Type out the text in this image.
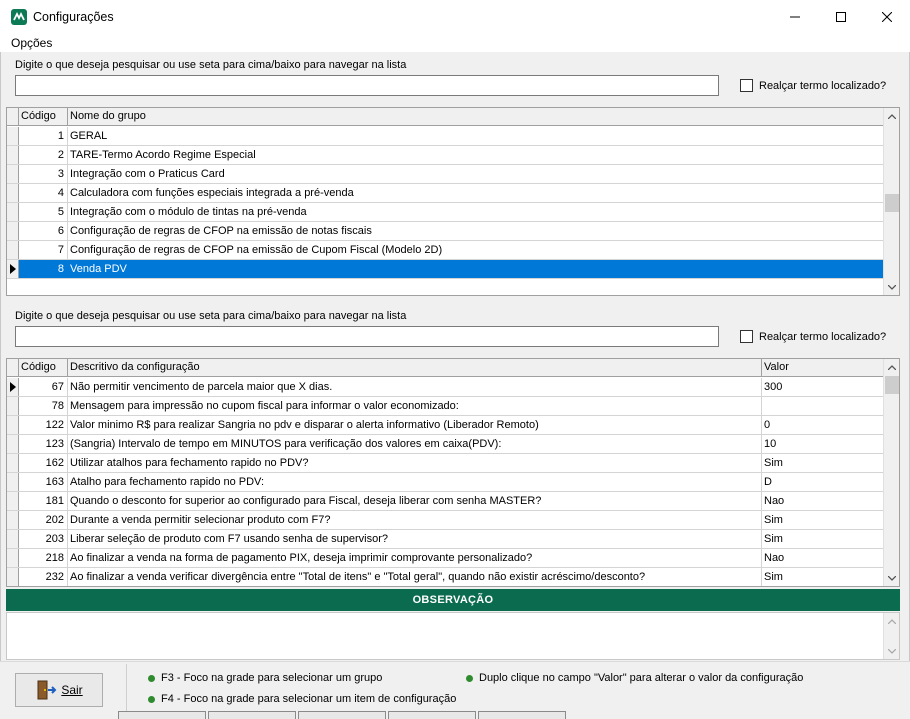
Configurações
Opções
Digite o que deseja pesquisar ou use seta para cima/baixo para navegar na lista
Realçar termo localizado?
Código	Nome do grupo
1 GERAL
2 TARE-Termo Acordo Regime Especial
3 Integração com o Praticus Card
4 Calculadora com funções especiais integrada a pré-venda
5 Integração com o módulo de tintas na pré-venda
6 Configuração de regras de CFOP na emissão de notas fiscais
7 Configuração de regras de CFOP na emissão de Cupom Fiscal (Modelo 2D)
8 Venda PDV
Digite o que deseja pesquisar ou use seta para cima/baixo para navegar na lista
Realçar termo localizado?
Código	Descritivo da configuração	Valor
67 Não permitir vencimento de parcela maior que X dias.	300
78 Mensagem para impressão no cupom fiscal para informar o valor economizado:
122 Valor minimo R$ para realizar Sangria no pdv e disparar o alerta informativo (Liberador Remoto)	0
123 (Sangria) Intervalo de tempo em MINUTOS para verificação dos valores em caixa(PDV):	10
162 Utilizar atalhos para fechamento rapido no PDV?	Sim
163 Atalho para fechamento rapido no PDV:	D
181 Quando o desconto for superior ao configurado para Fiscal, deseja liberar com senha MASTER?	Nao
202 Durante a venda permitir selecionar produto com F7?	Sim
203 Liberar seleção de produto com F7 usando senha de supervisor?	Sim
218 Ao finalizar a venda na forma de pagamento PIX, deseja imprimir comprovante personalizado?	Nao
232 Ao finalizar a venda verificar divergência entre "Total de itens" e "Total geral", quando não existir acréscimo/desconto?	Sim
OBSERVAÇÃO
Sair
F3 - Foco na grade para selecionar um grupo
F4 - Foco na grade para selecionar um item de configuração
Duplo clique no campo "Valor" para alterar o valor da configuração
